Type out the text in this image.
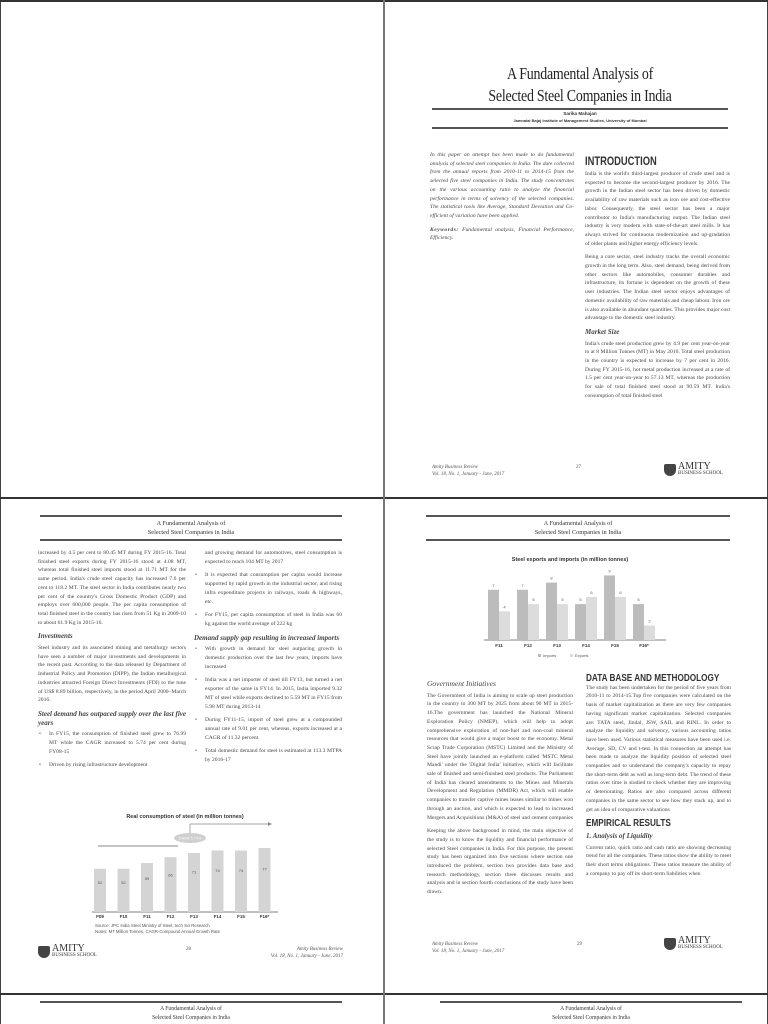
A Fundamental Analysis of
Selected Steel Companies in India
Sarika Mahajan
Jamnalal Bajaj Institute of Management Studies, University of Mumbai

In this paper an attempt has been made to do fundamental analysis of selected steel companies in India. The date collected from the annual reports from 2010-11 to 2014-15 from the selected five steel companies in India. The study concentrates on the various accounting ratio to analyze the financial performance in terms of solvency of the selected companies. The statistical tools like Average, Standard Deviation and Co-efficient of variation have been applied.

Keywords: Fundamental analysis, Financial Performance, Efficiency.

INTRODUCTION

India is the world's third-largest producer of crude steel and is expected to become the second-largest producer by 2016. The growth in the Indian steel sector has been driven by domestic availability of raw materials such as iron ore and cost-effective labor. Consequently, the steel sector has been a major contributor to India's manufacturing output. The Indian steel industry is very modern with state-of-the-art steel mills. It has always strived for continuous modernization and up-gradation of older plants and higher energy efficiency levels.

Being a core sector, steel industry tracks the overall economic growth in the long term. Also, steel demand, being derived from other sectors like automobiles, consumer durables and infrastructure, its fortune is dependent on the growth of these user industries. The Indian steel sector enjoys advantages of domestic availability of raw materials and cheap labour. Iron ore is also available in abundant quantities. This provides major cost advantage to the domestic steel industry.

Market Size

India's crude steel production grew by 4.9 per cent year-on-year to at 8 Million Tonnes (MT) in May 2016. Total steel production in the country is expected to increase by 7 per cent in 2016. During FY 2015-16, hot metal production increased at a rate of 1.5 per cent year-on-year to 57.13 MT, whereas the production for sale of total finished steel stood at 90.59 MT. India's consumption of total finished steel

Amity Business Review
Vol. 18, No. 1, January - June, 2017
27	AMITY
BUSINESS SCHOOL
A Fundamental Analysis of
Selected Steel Companies in India

increased by 4.5 per cent to 80.45 MT during FY 2015-16. Total finished steel exports during FY 2015-16 stood at 4.08 MT, whereas total finished steel imports stood at 11.71 MT for the same period. India's crude steel capacity has increased 7.6 per cent to 118.2 MT. The steel sector in India contributes nearly two per cent of the country's Gross Domestic Product (GDP) and employs over 600,000 people. The per capita consumption of total finished steel in the country has risen from 51 Kg in 2009-10 to about 61.9 Kg in 2015-16.

Investments

Steel industry and its associated mining and metallurgy sectors have seen a number of major investments and developments in the recent past. According to the data released by Department of Industrial Policy and Promotion (DIPP), the Indian metallurgical industries attracted Foreign Direct Investments (FDI) to the tune of US$ 8.89 billion, respectively, in the period April 2000–March 2016.

Steel demand has outpaced supply over the last five years
• In FY15, the consumption of finished steel grew to 76.99 MT while the CAGR increased to 5.74 per cent during FY08-15
• Driven by rising infrastructure development

and growing demand for automotives, steel consumption is expected to reach 104 MT by 2017

• It is expected that consumption per capita would increase supported by rapid growth in the industrial sector, and rising infra expenditure projects in railways, roads & highways, etc.
• For FY15, per capita consumption of steel in India was 60 kg against the world average of 222 kg
Demand supply gap resulting in increased imports
• With growth in demand for steel outpacing growth in domestic production over the last few years, imports have increased
• India was a net importer of steel till FY13, but turned a net exporter of the same in FY14. In 2015, India imported 9.32 MT of steel while exports declined to 5.59 MT in FY15 from 5.98 MT during 2013-14
• During FY11-15, import of steel grew at a compounded annual rate of 9.01 per cent, whereas, exports increased at a CAGR of 11.32 percent
• Total domestic demand for steel is estimated at 113.3 MTPA by 2016-17
Real consumption of steel (in million tonnes)
CAGR 5.74%
52
F09
52
F10
59
F11
66
F12
71
F13
74
F14
74
F15
77
F16*
Source: JPC India Steel Ministry of Steel, tech Sci Research
Notes: MT Million Tonnes, CAGR-Compound Annual Growth Rate
AMITY
BUSINESS SCHOOL
28	Amity Business Review
Vol. 18, No. 1, January - June, 2017
A Fundamental Analysis of
Selected Steel Companies in India
Steel exports and imports (in million tonnes)
7
4
F11
7
5
F12
8
5
F13
5
6
F14
9
6
F15
5
2
F16*
Imports	Exports
Government Initiatives

The Government of India is aiming to scale up steel production in the country to 300 MT by 2025 from about 90 MT in 2015-16.The government has launched the National Mineral Exploration Policy (NMEP), which will help to adopt comprehensive exploration of non-fuel and non-coal mineral resources that would give a major boost to the economy. Metal Scrap Trade Corporation (MSTC) Limited and the Ministry of Steel have jointly launched an e-platform called 'MSTC Metal Mandi' under the 'Digital India' initiative, which will facilitate sale of finished and semi-finished steel products. The Parliament of India has cleared amendments to the Mines and Minerals Development and Regulation (MMDR) Act, which will enable companies to transfer captive mines leases similar to mines won through an auction, and which is expected to lead to increased Mergers and Acquisitions (M&A) of steel and cement companies

Keeping the above background in mind, the main objective of the study is to know the liquidity and financial performance of selected Steel companies in India. For this purpose, the present study has been organized into five sections where section one introduced the problem, section two provides data base and research methodology, section three discusses results and analysis and in section fourth conclusions of the study have been drawn.

DATA BASE AND METHODOLOGY

The study has been undertaken for the period of five years from 2010-11 to 2014-15.Top five companies were calculated on the basis of market capitalization as there are very few companies having significant market capitalization. Selected companies are: TATA steel, Jindal, JSW, SAIL and RINL. In order to analyze the liquidity and solvency, various accounting ratios have been used. Various statistical measures have been used i.e. Average, SD, CV and t-test. In this connection an attempt has been made to analyze the liquidity position of selected steel companies and to understand the company's capacity to repay the short-term debt as well as long-term debt. The trend of these ratios over time is studied to check whether they are improving or deteriorating. Ratios are also compared across different companies in the same sector to see how they stack up, and to get an idea of comparative valuations

EMPIRICAL RESULTS
1. Analysis of Liquidity

Current ratio, quick ratio and cash ratio are showing decreasing trend for all the companies. These ratios show the ability to meet their short terms obligations. These ratios measure the ability of a company to pay off its short-term liabilities when

Amity Business Review
Vol. 18, No. 1, January - June, 2017
29	AMITY
BUSINESS SCHOOL
A Fundamental Analysis of
Selected Steel Companies in India
A Fundamental Analysis of
Selected Steel Companies in India
